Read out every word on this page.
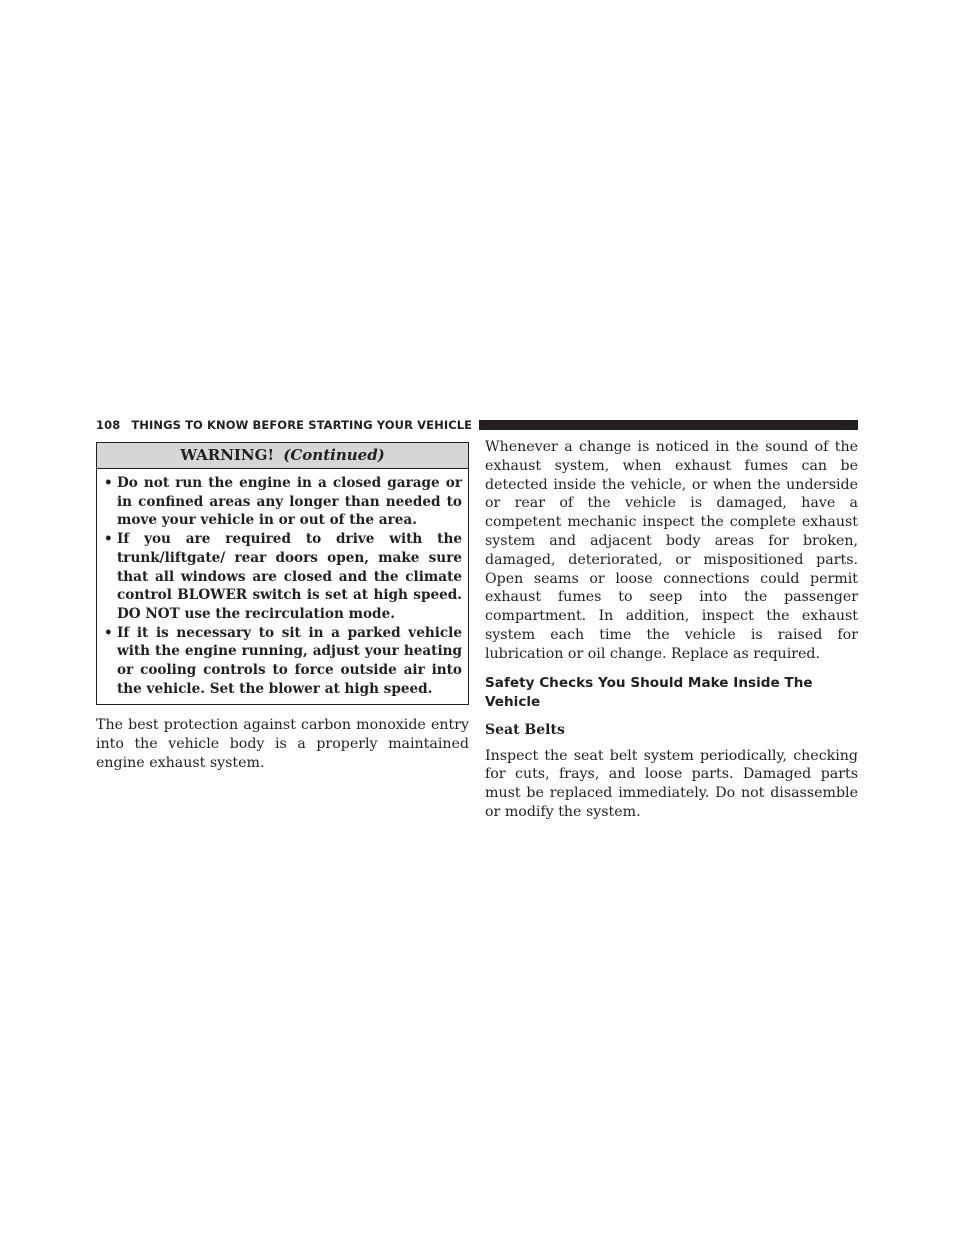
108 THINGS TO KNOW BEFORE STARTING YOUR VEHICLE
WARNING! (Continued)
• Do not run the engine in a closed garage or in confined areas any longer than needed to move your vehicle in or out of the area.
• If you are required to drive with the trunk/liftgate/ rear doors open, make sure that all windows are closed and the climate control BLOWER switch is set at high speed. DO NOT use the recirculation mode.
• If it is necessary to sit in a parked vehicle with the engine running, adjust your heating or cooling controls to force outside air into the vehicle. Set the blower at high speed.

The best protection against carbon monoxide entry into the vehicle body is a properly maintained engine exhaust system.

Whenever a change is noticed in the sound of the exhaust system, when exhaust fumes can be detected inside the vehicle, or when the underside or rear of the vehicle is damaged, have a competent mechanic inspect the complete exhaust system and adjacent body areas for broken, damaged, deteriorated, or mispositioned parts. Open seams or loose connections could permit exhaust fumes to seep into the passenger compartment. In addition, inspect the exhaust system each time the vehicle is raised for lubrication or oil change. Replace as required.

Safety Checks You Should Make Inside The Vehicle
Seat Belts

Inspect the seat belt system periodically, checking for cuts, frays, and loose parts. Damaged parts must be replaced immediately. Do not disassemble or modify the system.
